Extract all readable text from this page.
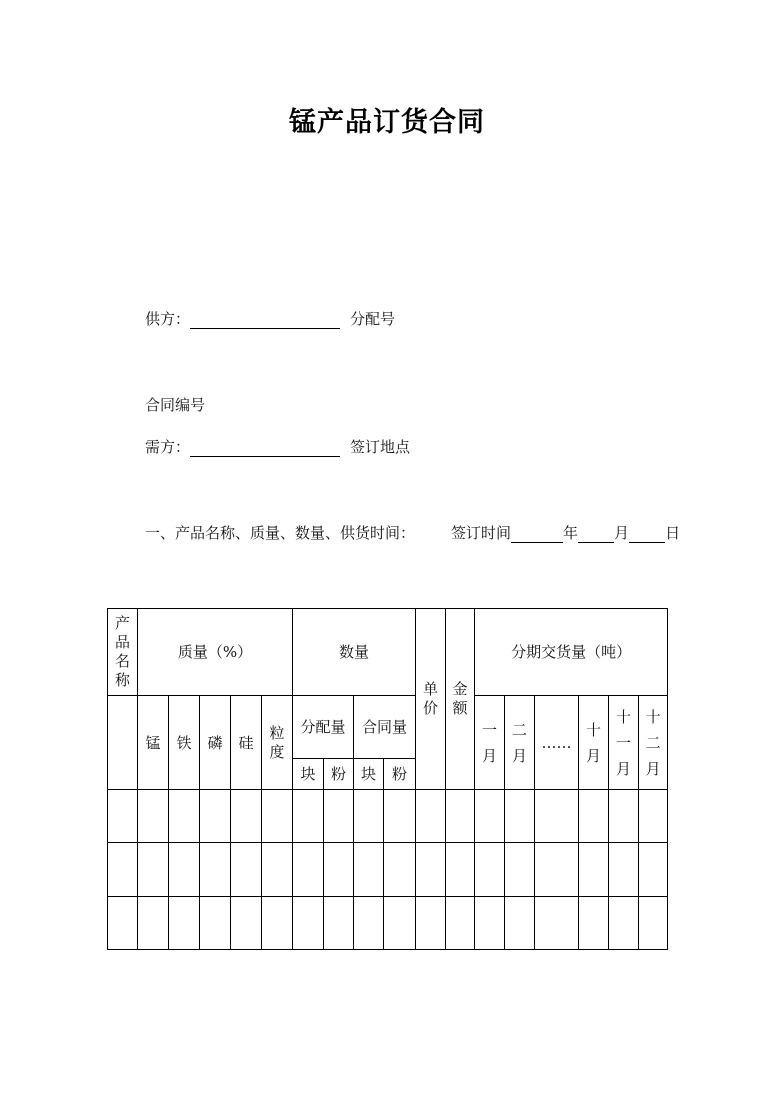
锰产品订货合同
供方：	分配号
合同编号
需方：	签订地点
一、产品名称、质量、数量、供货时间： 签订时间	年 月 日
产品名称	质量（%）					数量				单价	金额	分期交货量（吨）					
	锰	铁	磷	硅	粒度	分配量		合同量				一月	二月	……	十月	十一月	十二月
						块	粉	块	粉								
